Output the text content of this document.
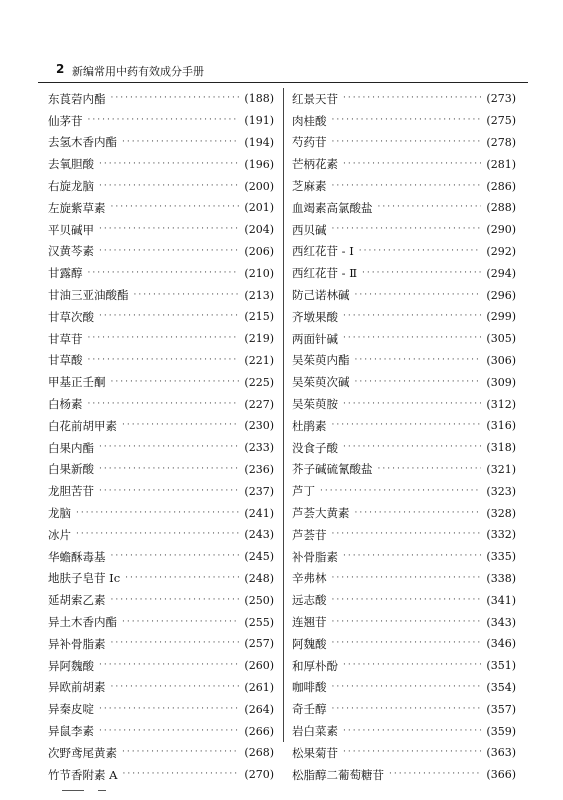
2 新编常用中药有效成分手册
东莨菪内酯 ·····	(188)
仙茅苷 ·····	(191)
去氢木香内酯 ·····	(194)
去氧胆酸 ·····	(196)
右旋龙脑 ·····	(200)
左旋紫草素 ·····	(201)
平贝碱甲 ·····	(204)
汉黄芩素 ·····	(206)
甘露醇 ·····	(210)
甘油三亚油酸酯 ·····	(213)
甘草次酸 ·····	(215)
甘草苷 ·····	(219)
甘草酸 ·····	(221)
甲基正壬酮 ·····	(225)
白杨素 ·····	(227)
白花前胡甲素 ·····	(230)
白果内酯 ·····	(233)
白果新酸 ·····	(236)
龙胆苦苷 ·····	(237)
龙脑 ·····	(241)
冰片 ·····	(243)
华蟾酥毒基 ·····	(245)
地肤子皂苷 Ic ·····	(248)
延胡索乙素 ·····	(250)
异土木香内酯 ·····	(255)
异补骨脂素 ·····	(257)
异阿魏酸 ·····	(260)
异欧前胡素 ·····	(261)
异秦皮啶 ·····	(264)
异鼠李素 ·····	(266)
次野鸢尾黄素 ·····	(268)
竹节香附素 A ·····	(270)
红景天苷 ·····	(273)
肉桂酸 ·····	(275)
芍药苷 ·····	(278)
芒柄花素 ·····	(281)
芝麻素 ·····	(286)
血竭素高氯酸盐 ·····	(288)
西贝碱 ·····	(290)
西红花苷 - Ⅰ ·····	(292)
西红花苷 - Ⅱ ·····	(294)
防己诺林碱 ·····	(296)
齐墩果酸 ·····	(299)
两面针碱 ·····	(305)
吴茱萸内酯 ·····	(306)
吴茱萸次碱 ·····	(309)
吴茱萸胺 ·····	(312)
杜鹃素 ·····	(316)
没食子酸 ·····	(318)
芥子碱硫氰酸盐 ·····	(321)
芦丁 ·····	(323)
芦荟大黄素 ·····	(328)
芦荟苷 ·····	(332)
补骨脂素 ·····	(335)
辛弗林 ·····	(338)
远志酸 ·····	(341)
连翘苷 ·····	(343)
阿魏酸 ·····	(346)
和厚朴酚 ·····	(351)
咖啡酸 ·····	(354)
奇壬醇 ·····	(357)
岩白菜素 ·····	(359)
松果菊苷 ·····	(363)
松脂醇二葡萄糖苷 ·····	(366)
